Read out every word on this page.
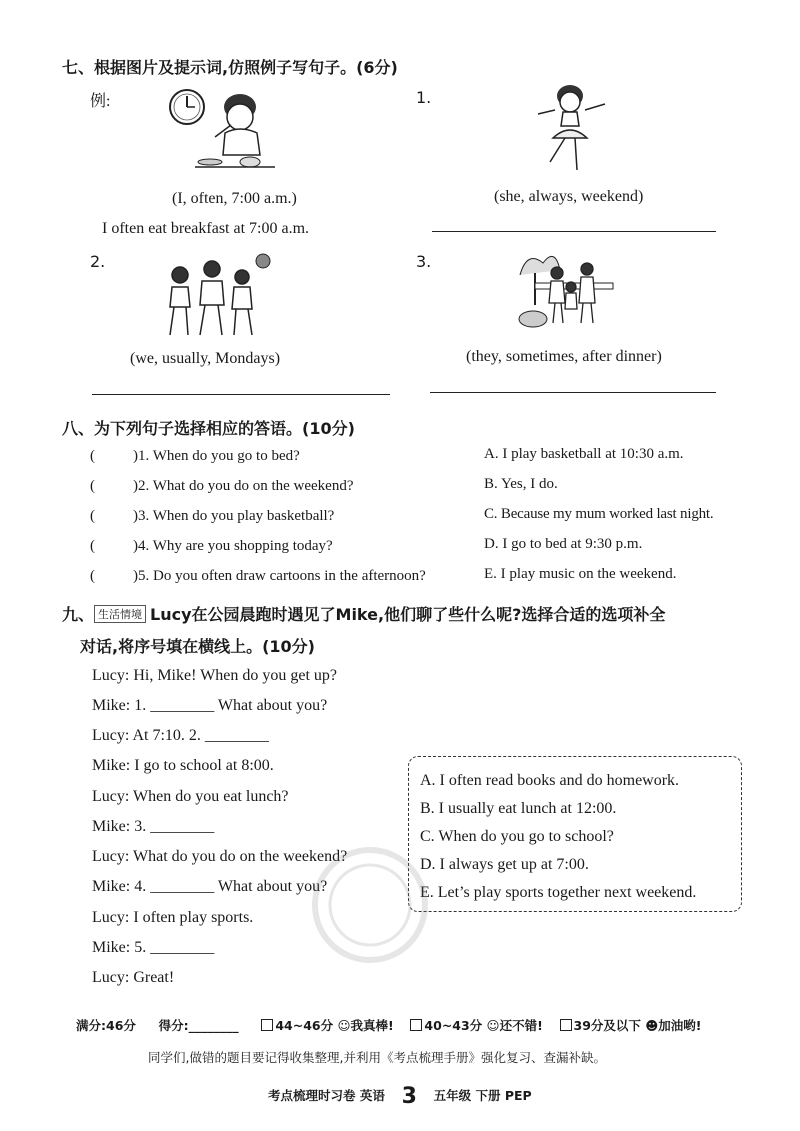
七、根据图片及提示词,仿照例子写句子。(6分)
例:
(I, often, 7:00 a.m.)
I often eat breakfast at 7:00 a.m.
1.
(she, always, weekend)
2.
(we, usually, Mondays)
3.
(they, sometimes, after dinner)
八、为下列句子选择相应的答语。(10分)
(	)1. When do you go to bed?
(	)2. What do you do on the weekend?
(	)3. When do you play basketball?
(	)4. Why are you shopping today?
(	)5. Do you often draw cartoons in the afternoon?
A. I play basketball at 10:30 a.m.
B. Yes, I do.
C. Because my mum worked last night.
D. I go to bed at 9:30 p.m.
E. I play music on the weekend.
九、 生活情境 Lucy在公园晨跑时遇见了Mike,他们聊了些什么呢?选择合适的选项补全
对话,将序号填在横线上。(10分)
Lucy: Hi, Mike! When do you get up?
Mike: 1. ________ What about you?
Lucy: At 7:10. 2. ________
Mike: I go to school at 8:00.
Lucy: When do you eat lunch?
Mike: 3. ________
Lucy: What do you do on the weekend?
Mike: 4. ________ What about you?
Lucy: I often play sports.
Mike: 5. ________
Lucy: Great!
A. I often read books and do homework.
B. I usually eat lunch at 12:00.
C. When do you go to school?
D. I always get up at 7:00.
E. Let’s play sports together next weekend.
满分:46分 得分:________	44~46分 ☺我真棒! 40~43分 ☺还不错! 39分及以下 ☻加油哟!
同学们,做错的题目要记得收集整理,并利用《考点梳理手册》强化复习、查漏补缺。
考点梳理时习卷 英语 3 五年级 下册 PEP
